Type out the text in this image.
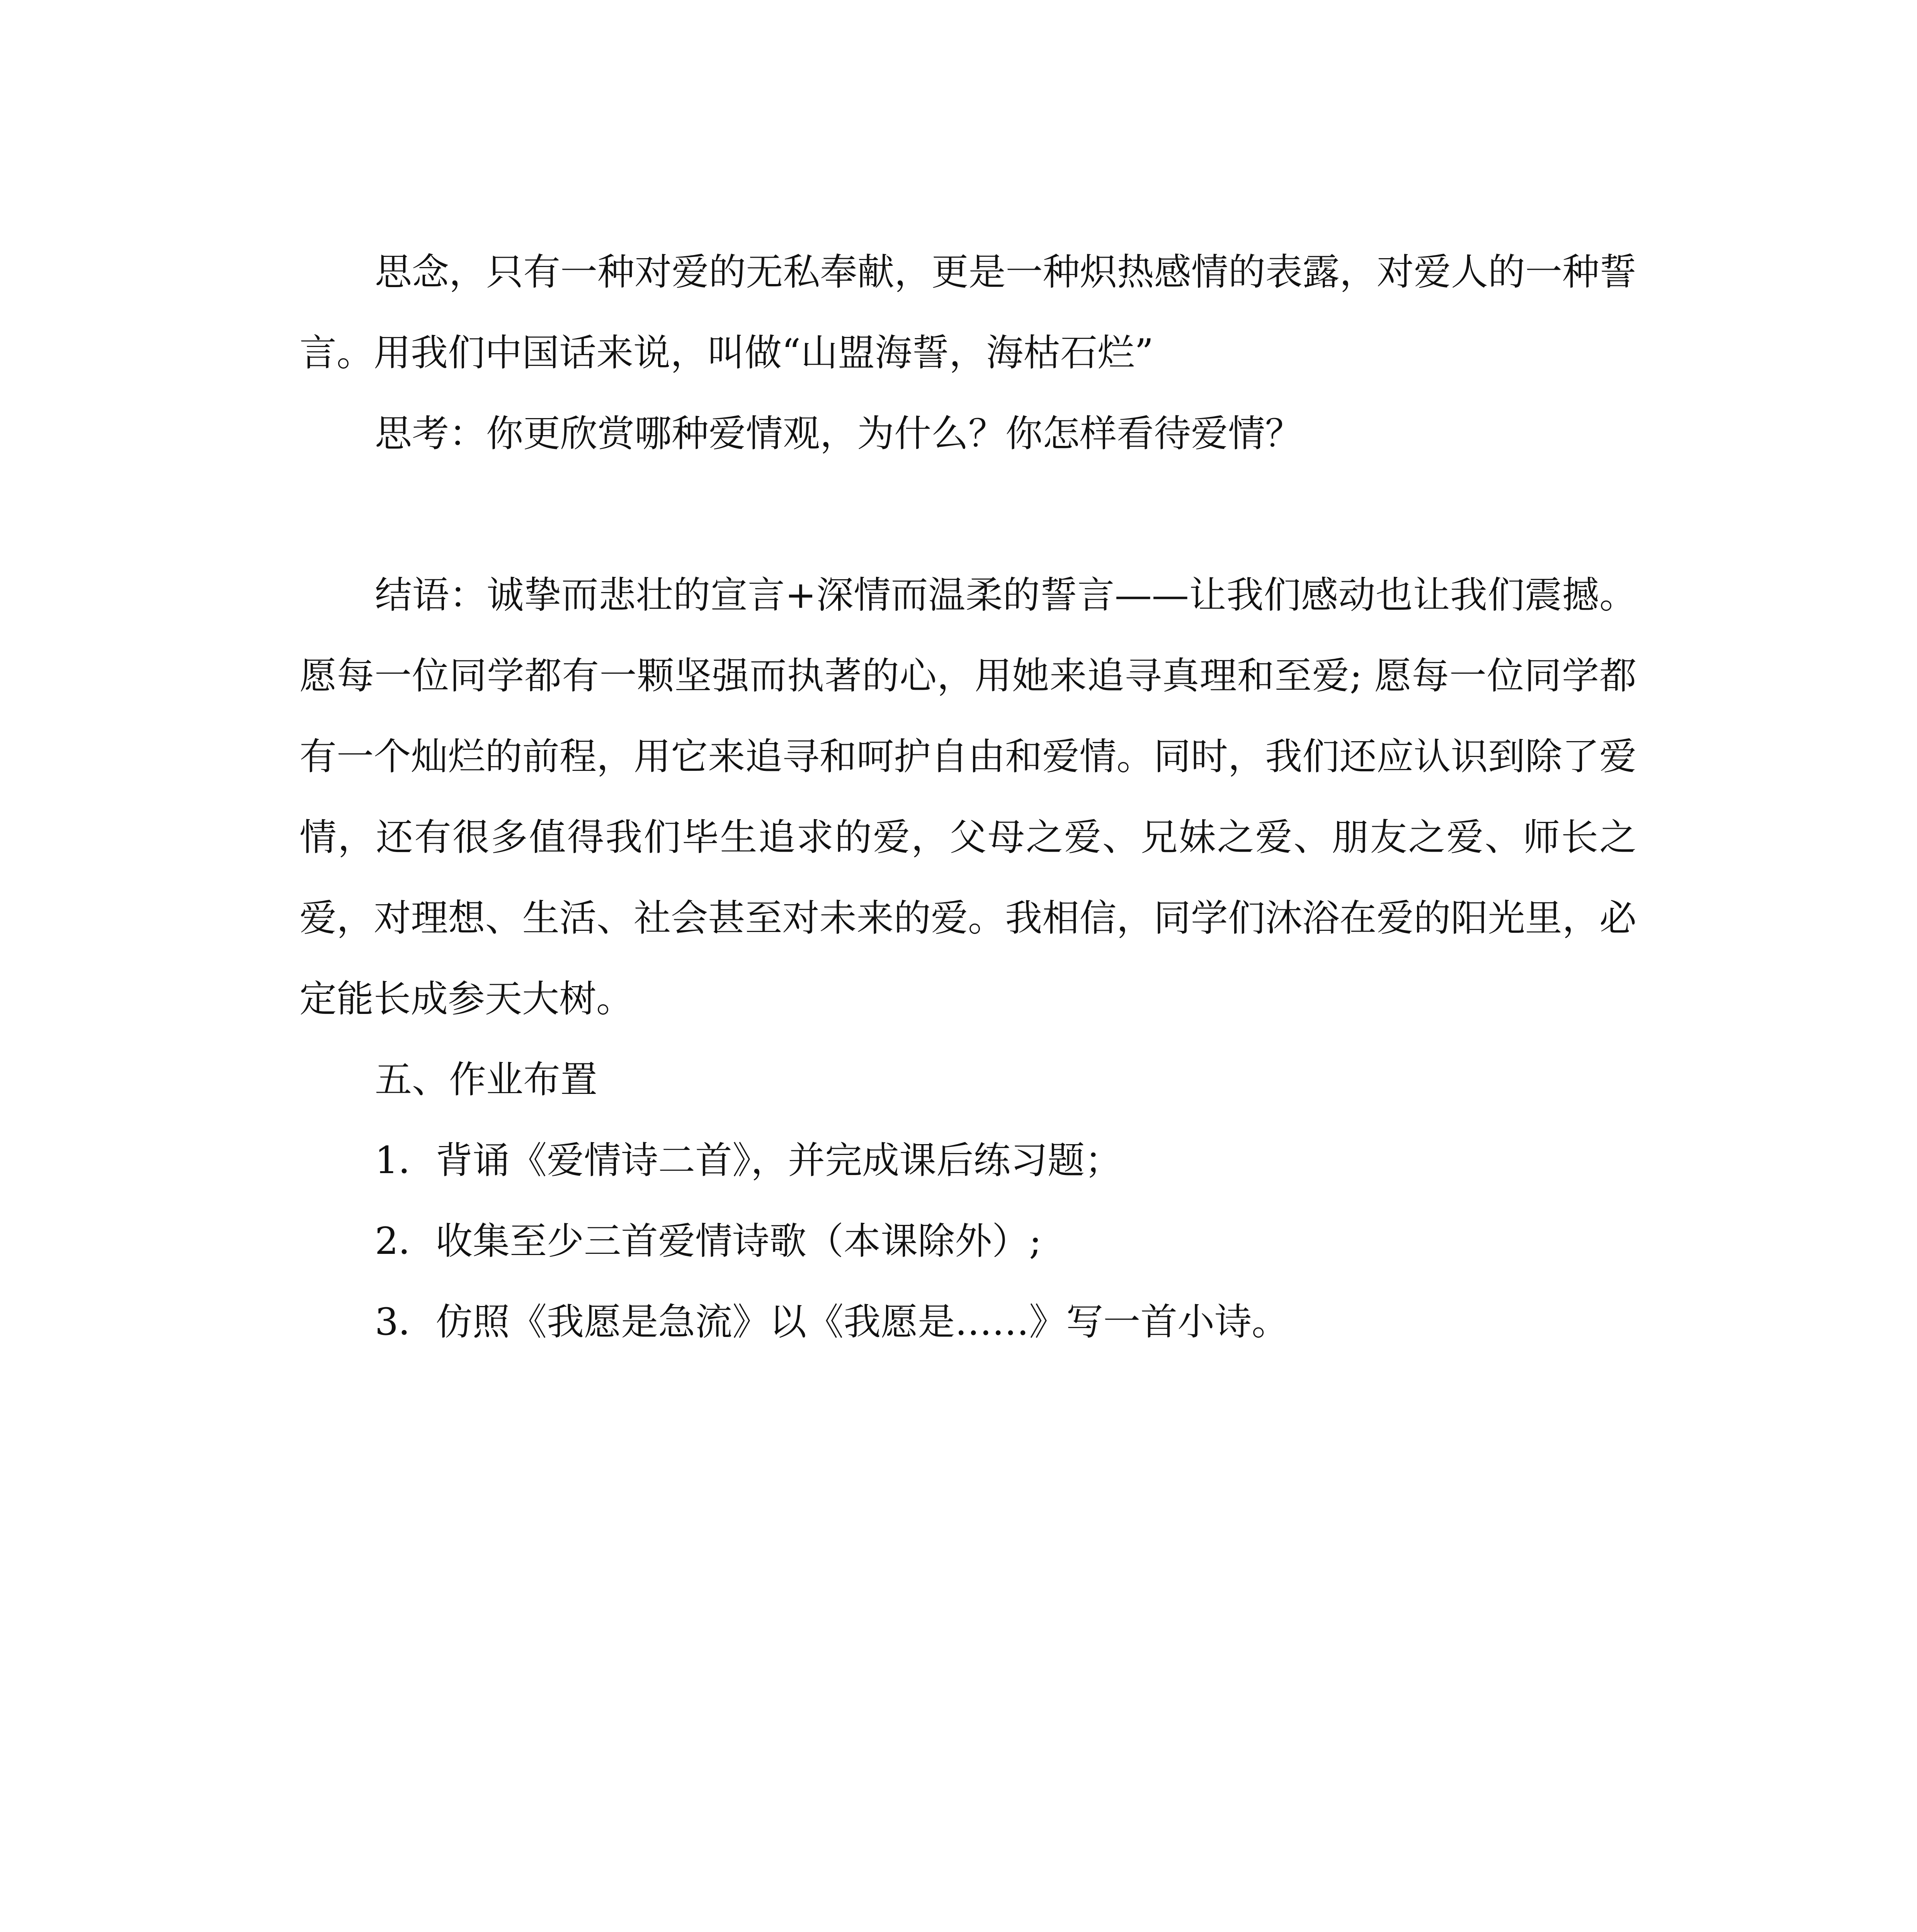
思念，只有一种对爱的无私奉献，更是一种炽热感情的表露，对爱人的一种誓言。用我们中国话来说，叫做“山盟海誓，海枯石烂”

思考：你更欣赏哪种爱情观，为什么？你怎样看待爱情？

结语：诚挚而悲壮的宣言+深情而温柔的誓言——让我们感动也让我们震撼。愿每一位同学都有一颗坚强而执著的心，用她来追寻真理和至爱; 愿每一位同学都有一个灿烂的前程，用它来追寻和呵护自由和爱情。同时，我们还应认识到除了爱情，还有很多值得我们毕生追求的爱，父母之爱、兄妹之爱、朋友之爱、师长之爱，对理想、生活、社会甚至对未来的爱。我相信，同学们沐浴在爱的阳光里，必定能长成参天大树。

五、作业布置

1．背诵《爱情诗二首》，并完成课后练习题；

2．收集至少三首爱情诗歌（本课除外）;

3．仿照《我愿是急流》以《我愿是……》写一首小诗。
